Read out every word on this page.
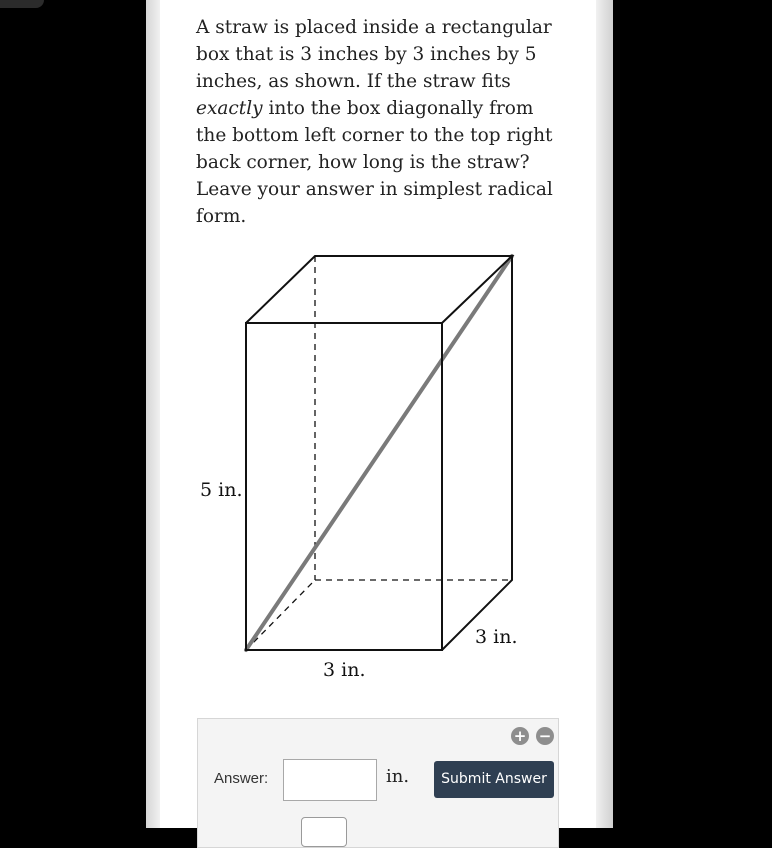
A straw is placed inside a rectangular box that is 3 inches by 3 inches by 5 inches, as shown. If the straw fits exactly into the box diagonally from the bottom left corner to the top right back corner, how long is the straw? Leave your answer in simplest radical form.

5 in.
3 in.
3 in.
+ −
Answer:	in.	Submit Answer
